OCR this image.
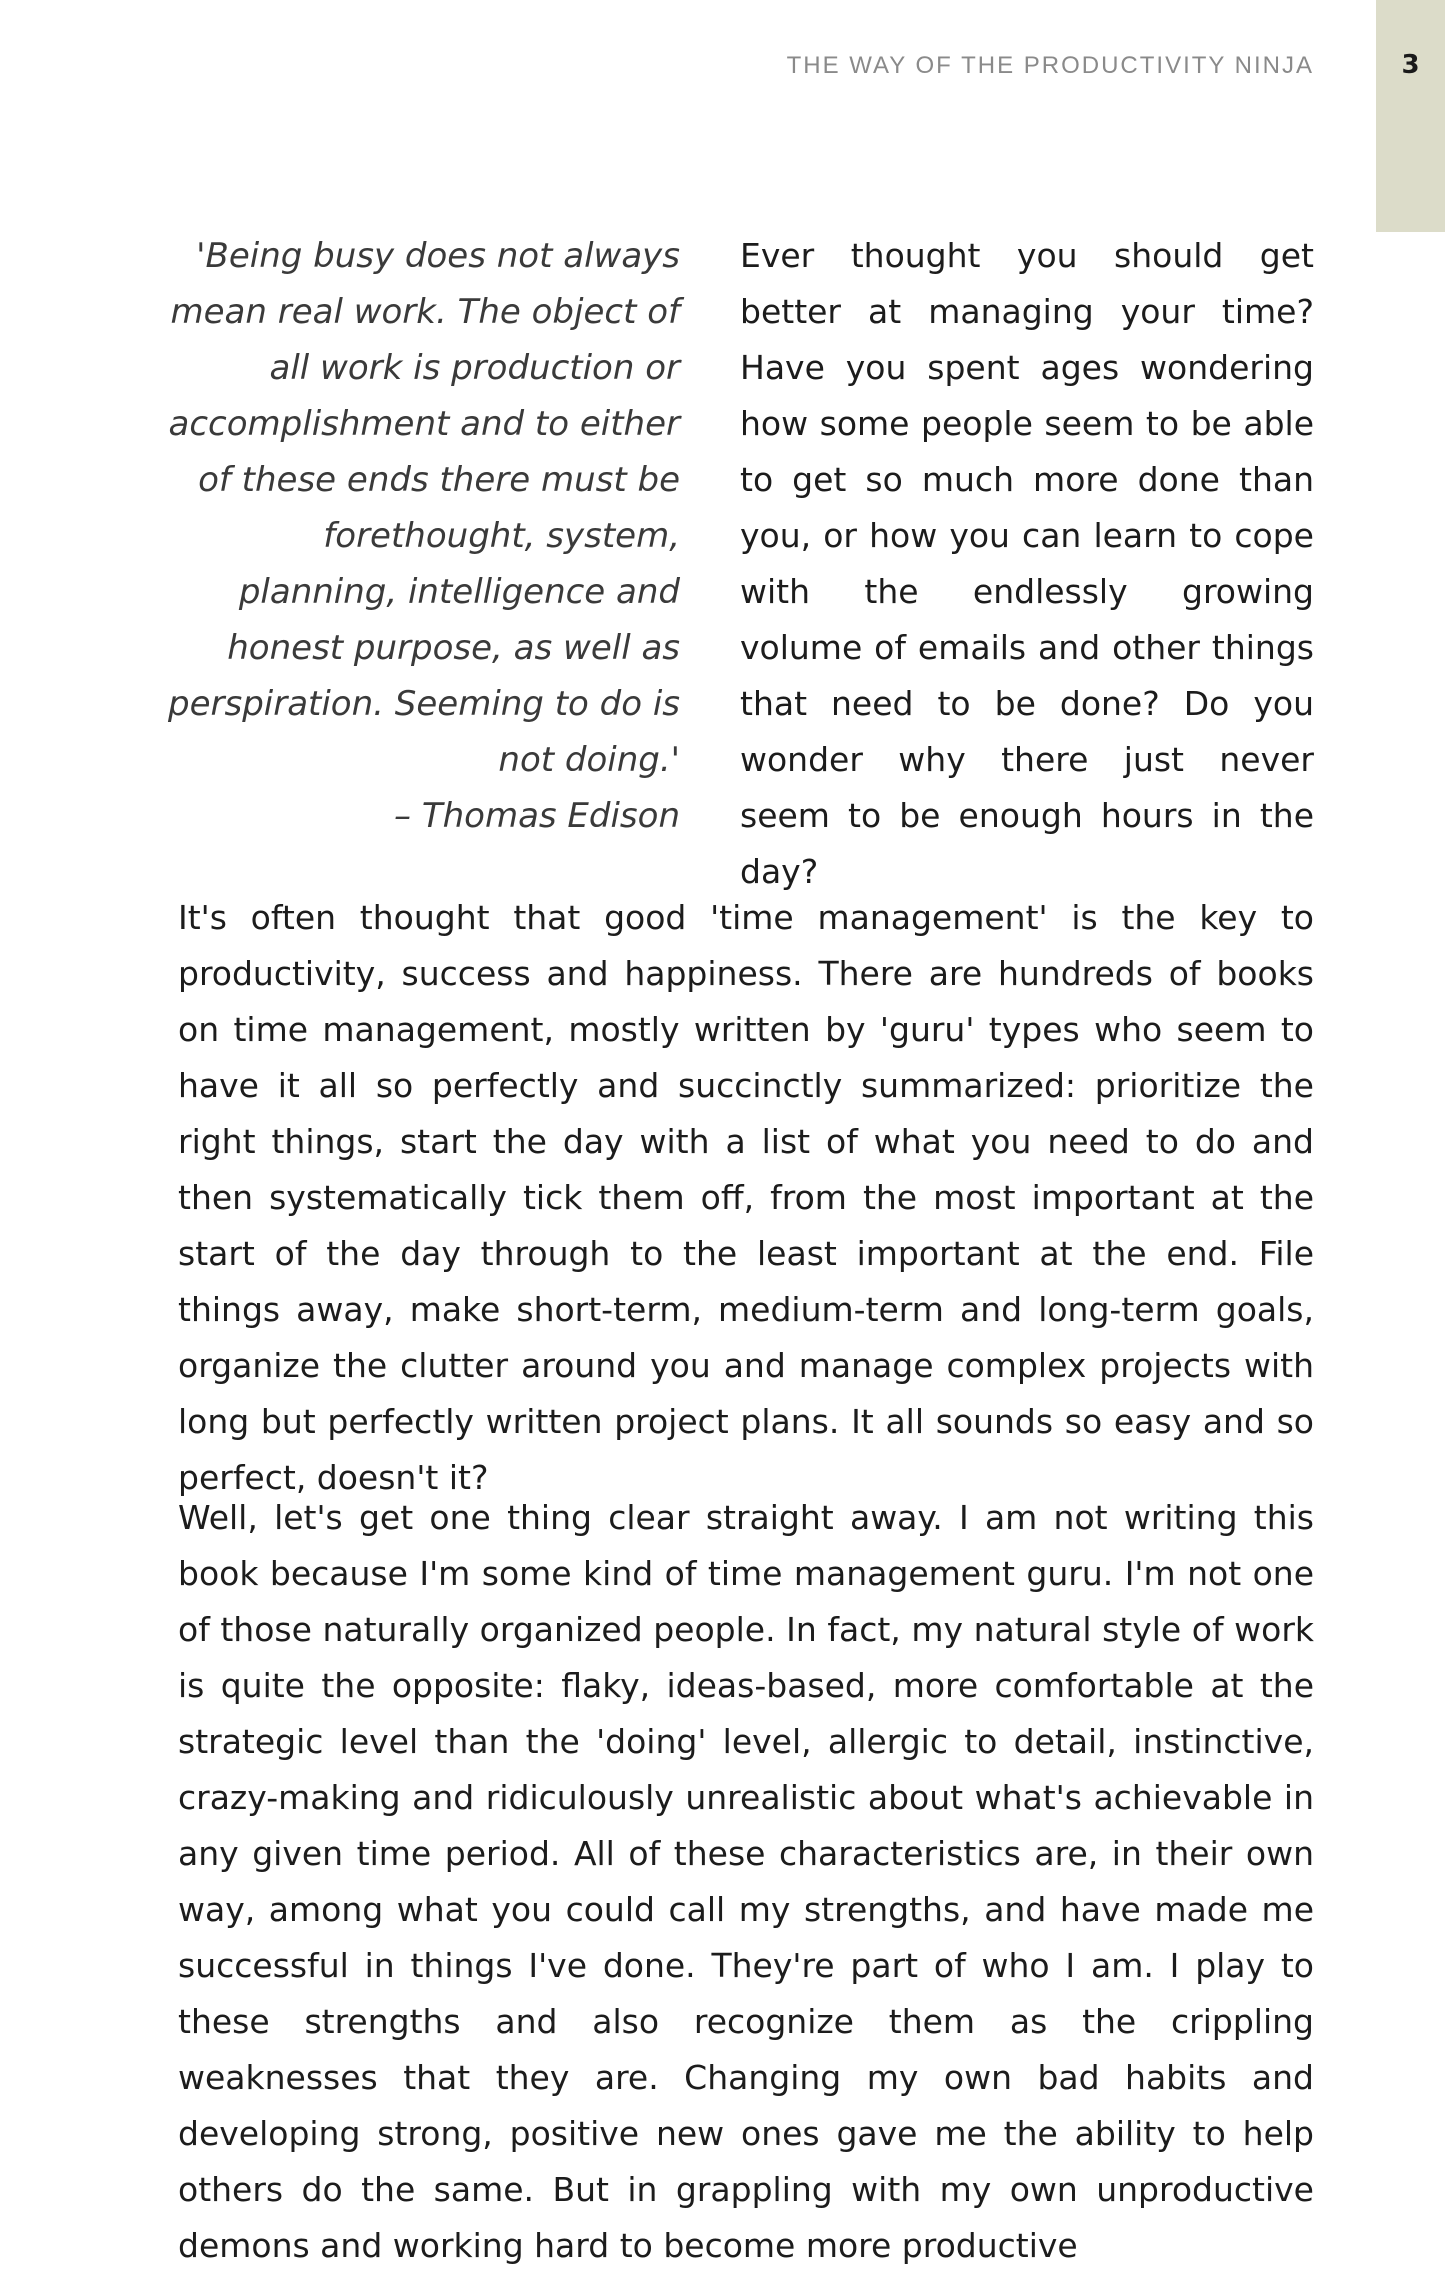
THE WAY OF THE PRODUCTIVITY NINJA	3
'Being busy does not always mean real work. The object of all work is production or accomplishment and to either of these ends there must be forethought, system, planning, intelligence and honest purpose, as well as perspiration. Seeming to do is not doing.'
– Thomas Edison
Ever thought you should get better at managing your time? Have you spent ages wondering how some people seem to be able to get so much more done than you, or how you can learn to cope with the endlessly growing volume of emails and other things that need to be done? Do you wonder why there just never seem to be enough hours in the day?

It's often thought that good 'time management' is the key to productivity, success and happiness. There are hundreds of books on time management, mostly written by 'guru' types who seem to have it all so perfectly and succinctly summarized: prioritize the right things, start the day with a list of what you need to do and then systematically tick them off, from the most important at the start of the day through to the least important at the end. File things away, make short-term, medium-term and long-term goals, organize the clutter around you and manage complex projects with long but perfectly written project plans. It all sounds so easy and so perfect, doesn't it?

Well, let's get one thing clear straight away. I am not writing this book because I'm some kind of time management guru. I'm not one of those naturally organized people. In fact, my natural style of work is quite the opposite: flaky, ideas-based, more comfortable at the strategic level than the 'doing' level, allergic to detail, instinctive, crazy-making and ridiculously unrealistic about what's achievable in any given time period. All of these characteristics are, in their own way, among what you could call my strengths, and have made me successful in things I've done. They're part of who I am. I play to these strengths and also recognize them as the crippling weaknesses that they are. Changing my own bad habits and developing strong, positive new ones gave me the ability to help others do the same. But in grappling with my own unproductive demons and working hard to become more productive
